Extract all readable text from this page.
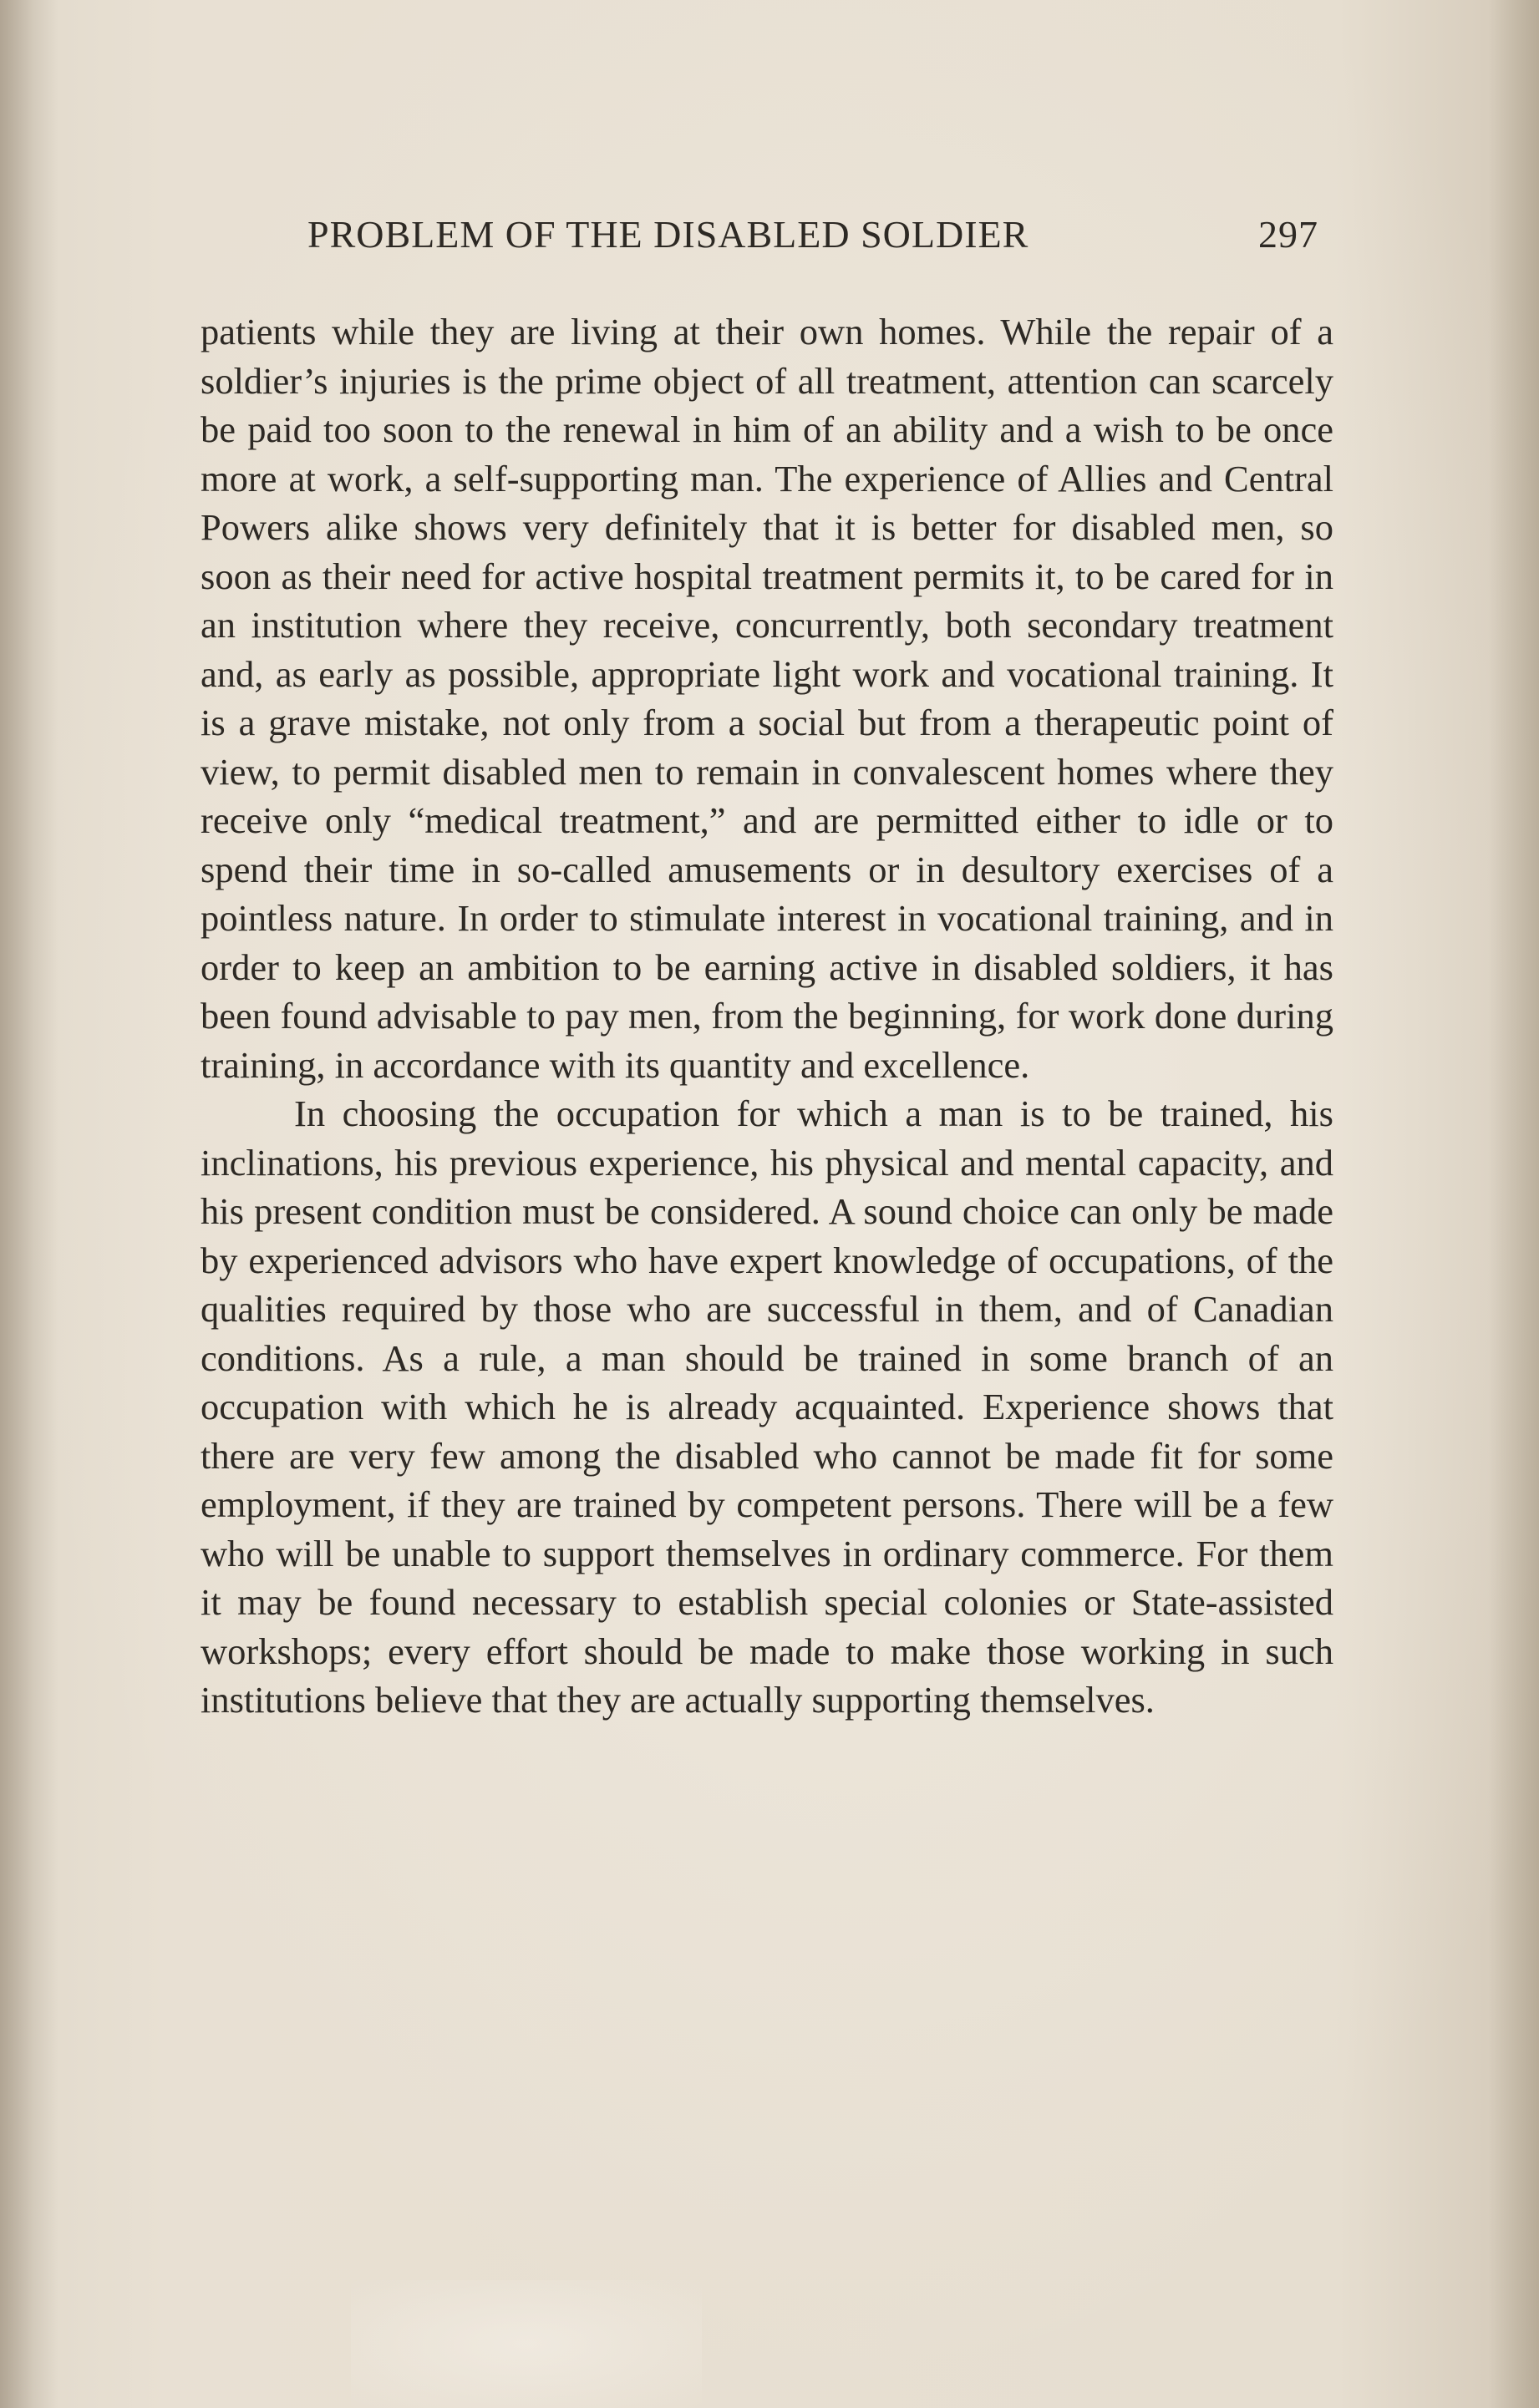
PROBLEM OF THE DISABLED SOLDIER	297

patients while they are living at their own homes. While the repair of a soldier’s injuries is the prime object of all treatment, attention can scarcely be paid too soon to the renewal in him of an ability and a wish to be once more at work, a self-supporting man. The experience of Allies and Central Powers alike shows very definitely that it is better for disabled men, so soon as their need for active hospital treatment permits it, to be cared for in an institution where they receive, concurrently, both secondary treatment and, as early as possible, appropriate light work and vocational training. It is a grave mistake, not only from a social but from a therapeutic point of view, to permit disabled men to remain in convalescent homes where they receive only “medical treatment,” and are permitted either to idle or to spend their time in so-called amusements or in desultory exercises of a pointless nature. In order to stimulate interest in vocational training, and in order to keep an ambition to be earning active in disabled soldiers, it has been found advisable to pay men, from the beginning, for work done during training, in accordance with its quantity and excellence.

In choosing the occupation for which a man is to be trained, his inclinations, his previous experience, his physical and mental capacity, and his present condition must be considered. A sound choice can only be made by experienced advisors who have expert knowledge of occupations, of the qualities required by those who are successful in them, and of Canadian conditions. As a rule, a man should be trained in some branch of an occupation with which he is already acquainted. Experience shows that there are very few among the disabled who cannot be made fit for some employment, if they are trained by competent persons. There will be a few who will be unable to support themselves in ordinary commerce. For them it may be found necessary to establish special colonies or State-assisted workshops; every effort should be made to make those working in such institutions believe that they are actually supporting themselves.
